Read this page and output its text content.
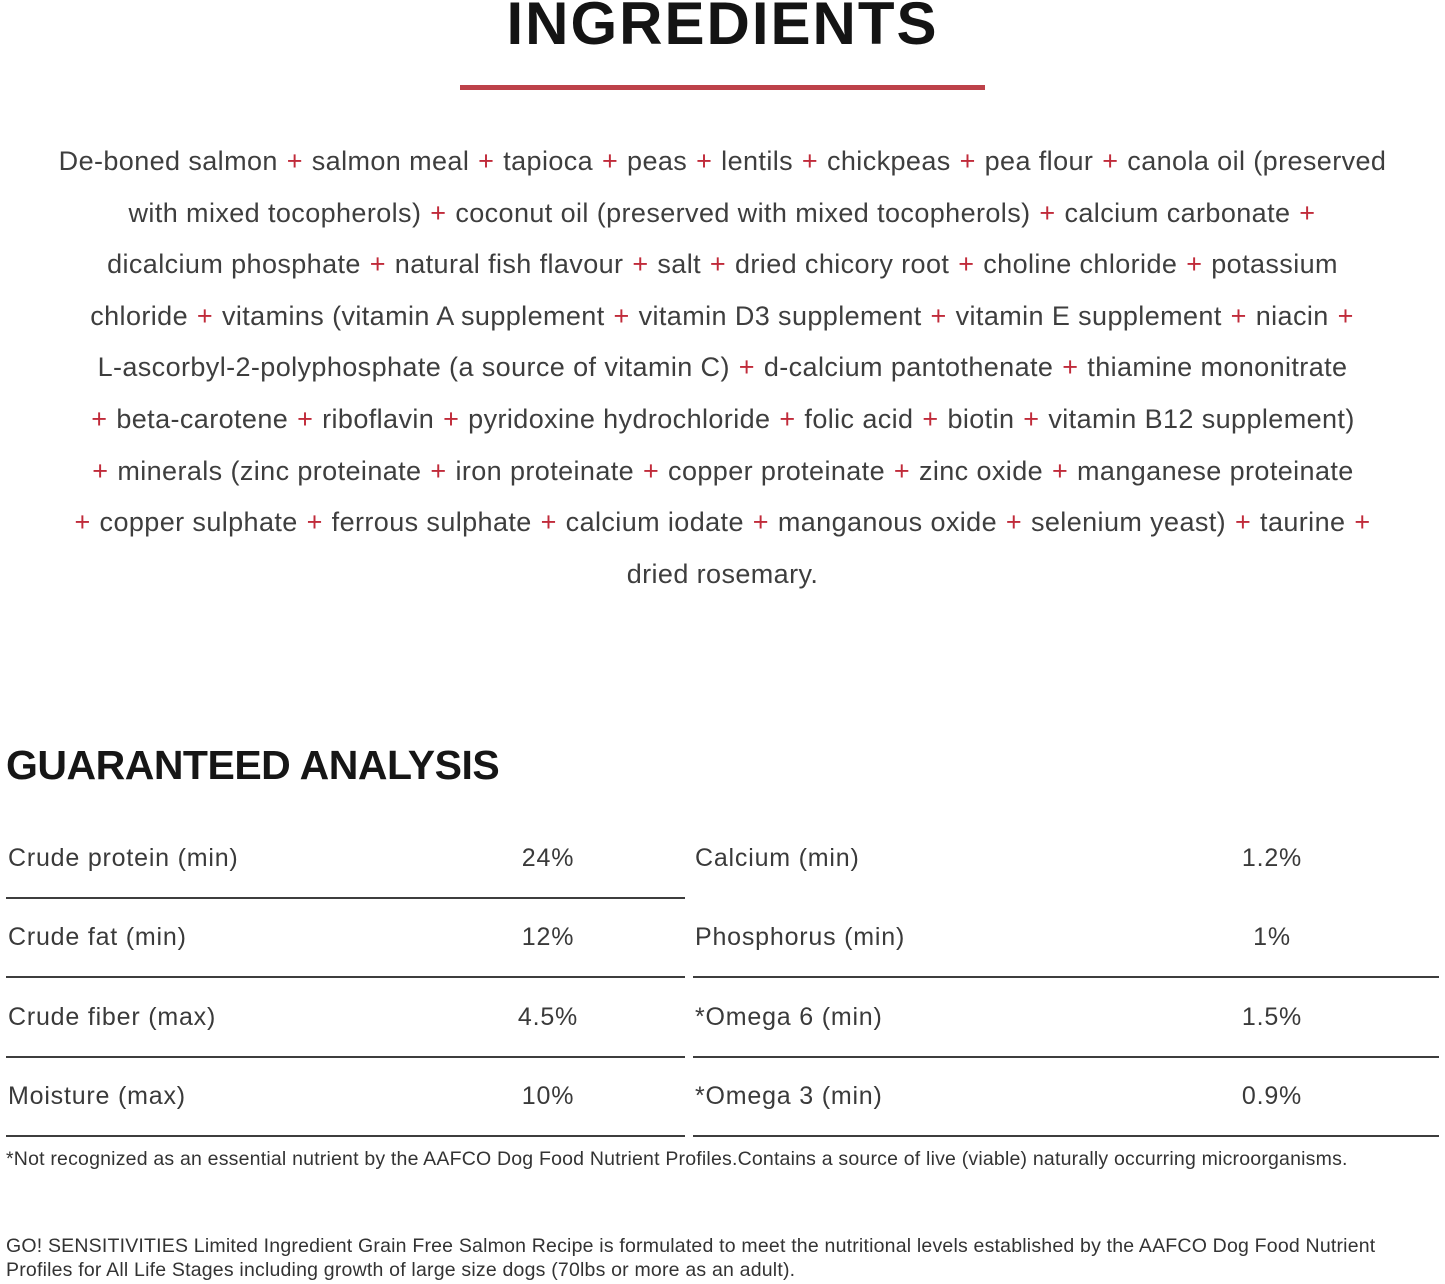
INGREDIENTS
De-boned salmon + salmon meal + tapioca + peas + lentils + chickpeas + pea flour + canola oil (preserved
with mixed tocopherols) + coconut oil (preserved with mixed tocopherols) + calcium carbonate +
dicalcium phosphate + natural fish flavour + salt + dried chicory root + choline chloride + potassium
chloride + vitamins (vitamin A supplement + vitamin D3 supplement + vitamin E supplement + niacin +
L-ascorbyl-2-polyphosphate (a source of vitamin C) + d-calcium pantothenate + thiamine mononitrate
+ beta-carotene + riboflavin + pyridoxine hydrochloride + folic acid + biotin + vitamin B12 supplement)
+ minerals (zinc proteinate + iron proteinate + copper proteinate + zinc oxide + manganese proteinate
+ copper sulphate + ferrous sulphate + calcium iodate + manganous oxide + selenium yeast) + taurine +
dried rosemary.
GUARANTEED ANALYSIS
Crude protein (min)	24%
Crude fat (min)	12%
Crude fiber (max)	4.5%
Moisture (max)	10%
Calcium (min)	1.2%
Phosphorus (min)	1%
*Omega 6 (min)	1.5%
*Omega 3 (min)	0.9%
*Not recognized as an essential nutrient by the AAFCO Dog Food Nutrient Profiles.Contains a source of live (viable) naturally occurring microorganisms.
GO! SENSITIVITIES Limited Ingredient Grain Free Salmon Recipe is formulated to meet the nutritional levels established by the AAFCO Dog Food Nutrient Profiles for All Life Stages including growth of large size dogs (70lbs or more as an adult).
